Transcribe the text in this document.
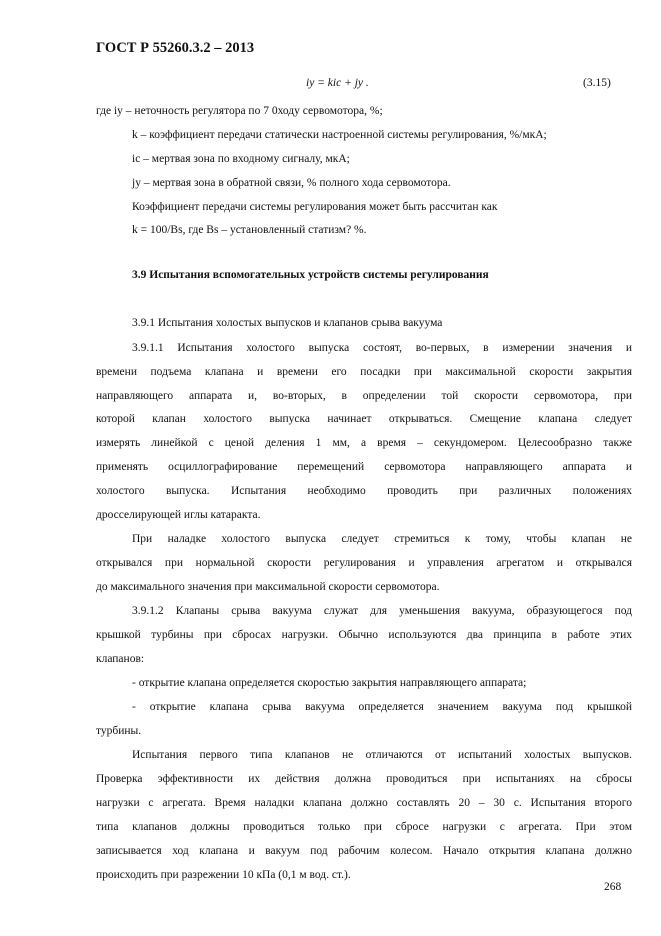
ГОСТ Р 55260.3.2 – 2013
iу = kiс + jу .	(3.15)
где iу – неточность регулятора по 7 0ходу сервомотора, %;
k – коэффициент передачи статически настроенной системы регулирования, %/мкА;
iс – мертвая зона по входному сигналу, мкА;
jу – мертвая зона в обратной связи, % полного хода сервомотора.
Коэффициент передачи системы регулирования может быть рассчитан как
k = 100/Bs, где Bs – установленный статизм? %.
3.9 Испытания вспомогательных устройств системы регулирования
3.9.1 Испытания холостых выпусков и клапанов срыва вакуума
3.9.1.1 Испытания холостого выпуска состоят, во-первых, в измерении значения и
времени подъема клапана и времени его посадки при максимальной скорости закрытия
направляющего аппарата и, во-вторых, в определении той скорости сервомотора, при
которой клапан холостого выпуска начинает открываться. Смещение клапана следует
измерять линейкой с ценой деления 1 мм, а время – секундомером. Целесообразно также
применять осциллографирование перемещений сервомотора направляющего аппарата и
холостого выпуска. Испытания необходимо проводить при различных положениях
дросселирующей иглы катаракта.
При наладке холостого выпуска следует стремиться к тому, чтобы клапан не
открывался при нормальной скорости регулирования и управления агрегатом и открывался
до максимального значения при максимальной скорости сервомотора.
3.9.1.2 Клапаны срыва вакуума служат для уменьшения вакуума, образующегося под
крышкой турбины при сбросах нагрузки. Обычно используются два принципа в работе этих
клапанов:
- открытие клапана определяется скоростью закрытия направляющего аппарата;
- открытие клапана срыва вакуума определяется значением вакуума под крышкой
турбины.
Испытания первого типа клапанов не отличаются от испытаний холостых выпусков.
Проверка эффективности их действия должна проводиться при испытаниях на сбросы
нагрузки с агрегата. Время наладки клапана должно составлять 20 – 30 с. Испытания второго
типа клапанов должны проводиться только при сбросе нагрузки с агрегата. При этом
записывается ход клапана и вакуум под рабочим колесом. Начало открытия клапана должно
происходить при разрежении 10 кПа (0,1 м вод. ст.).
268
